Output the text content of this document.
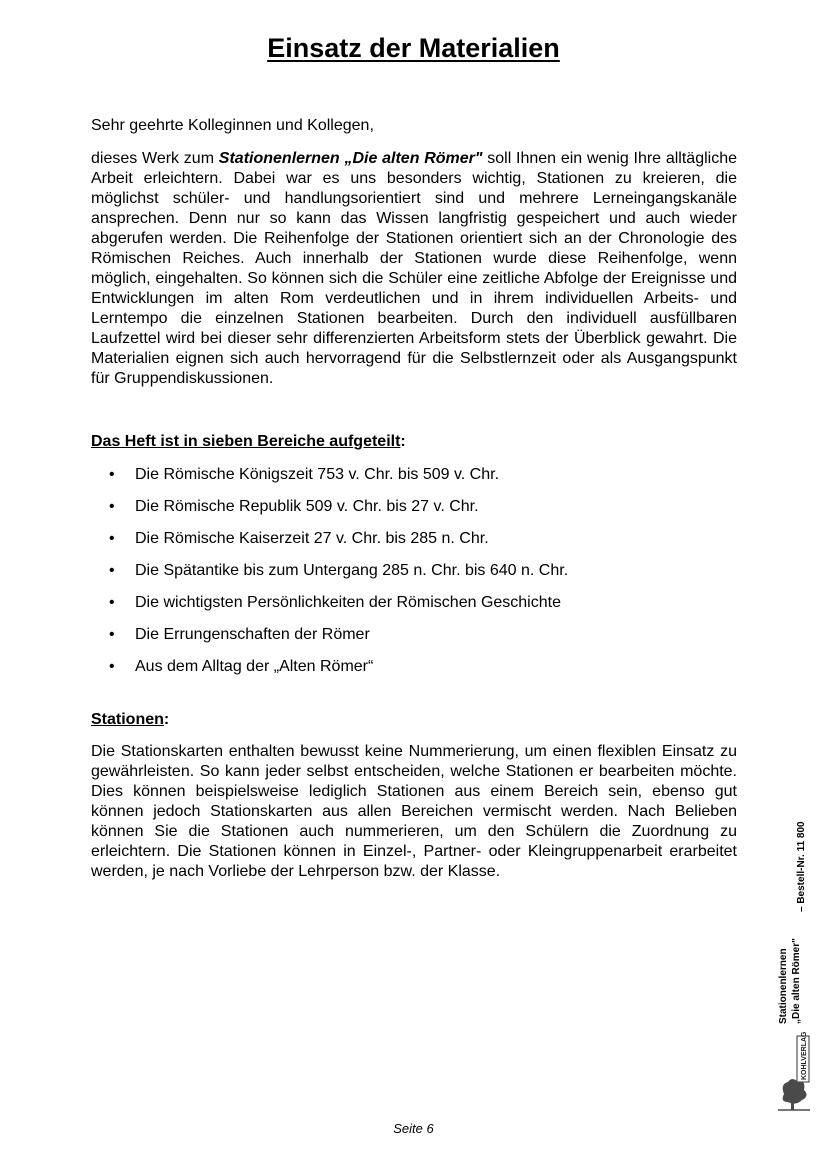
Einsatz der Materialien
Sehr geehrte Kolleginnen und Kollegen,
dieses Werk zum Stationenlernen „Die alten Römer" soll Ihnen ein wenig Ihre alltägliche Arbeit erleichtern. Dabei war es uns besonders wichtig, Stationen zu kreieren, die möglichst schüler- und handlungsorientiert sind und mehrere Lerneingangskanäle ansprechen. Denn nur so kann das Wissen langfristig gespeichert und auch wieder abgerufen werden. Die Reihenfolge der Stationen orientiert sich an der Chronologie des Römischen Reiches. Auch innerhalb der Stationen wurde diese Reihenfolge, wenn möglich, eingehalten. So können sich die Schüler eine zeitliche Abfolge der Ereignisse und Entwicklungen im alten Rom verdeutlichen und in ihrem individuellen Arbeits- und Lerntempo die einzelnen Stationen bearbeiten. Durch den individuell ausfüllbaren Laufzettel wird bei dieser sehr differenzierten Arbeitsform stets der Überblick gewahrt. Die Materialien eignen sich auch hervorragend für die Selbstlernzeit oder als Ausgangspunkt für Gruppendiskussionen.
Das Heft ist in sieben Bereiche aufgeteilt:
• Die Römische Königszeit 753 v. Chr. bis 509 v. Chr.
• Die Römische Republik 509 v. Chr. bis 27 v. Chr.
• Die Römische Kaiserzeit 27 v. Chr. bis 285 n. Chr.
• Die Spätantike bis zum Untergang 285 n. Chr. bis 640 n. Chr.
• Die wichtigsten Persönlichkeiten der Römischen Geschichte
• Die Errungenschaften der Römer
• Aus dem Alltag der „Alten Römer“
Stationen:
Die Stationskarten enthalten bewusst keine Nummerierung, um einen flexiblen Einsatz zu gewährleisten. So kann jeder selbst entscheiden, welche Stationen er bearbeiten möchte. Dies können beispielsweise lediglich Stationen aus einem Bereich sein, ebenso gut können jedoch Stationskarten aus allen Bereichen vermischt werden. Nach Belieben können Sie die Stationen auch nummerieren, um den Schülern die Zuordnung zu erleichtern. Die Stationen können in Einzel-, Partner- oder Kleingruppenarbeit erarbeitet werden, je nach Vorliebe der Lehrperson bzw. der Klasse.	– Bestell-Nr. 11 800
Stationenlernen „Die alten Römer"
KOHLVERLAG
Seite 6
